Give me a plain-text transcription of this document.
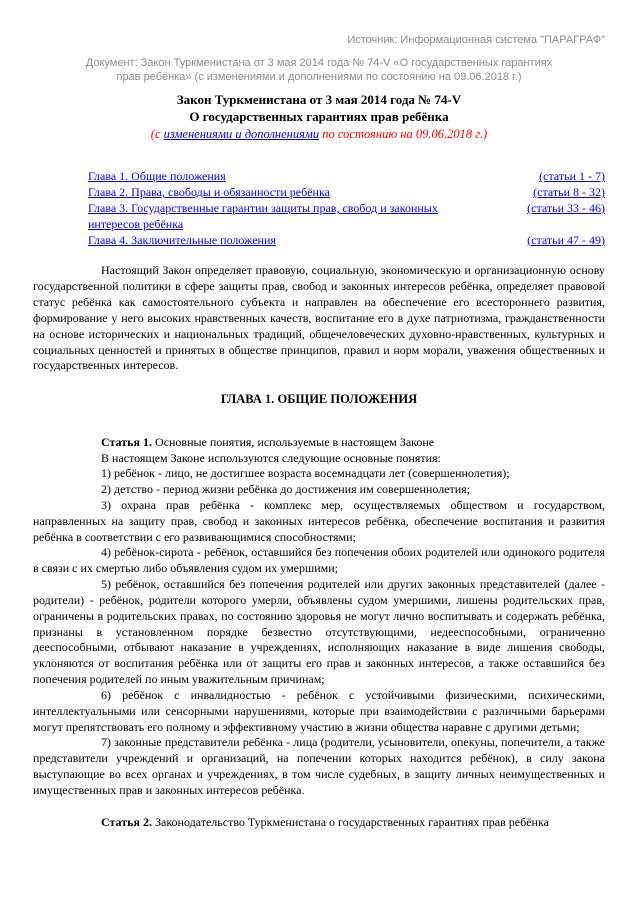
Источник: Информационная система "ПАРАГРАФ"
Документ: Закон Туркменистана от 3 мая 2014 года № 74-V «О государственных гарантиях прав ребёнка» (с изменениями и дополнениями по состоянию на 09.06.2018 г.)

Закон Туркменистана от 3 мая 2014 года № 74-V

О государственных гарантиях прав ребёнка

(с изменениями и дополнениями по состоянию на 09.06.2018 г.)

Глава 1. Общие положения	(статьи 1 - 7)
Глава 2. Права, свободы и обязанности ребёнка	(статьи 8 - 32)
Глава 3. Государственные гарантии защиты прав, свобод и законных интересов ребёнка
(статьи 33 - 46)
Глава 4. Заключительные положения	(статьи 47 - 49)

Настоящий Закон определяет правовую, социальную, экономическую и организационную основу государственной политики в сфере защиты прав, свобод и законных интересов ребёнка, определяет правовой статус ребёнка как самостоятельного субъекта и направлен на обеспечение его всестороннего развития, формирование у него высоких нравственных качеств, воспитание его в духе патриотизма, гражданственности на основе исторических и национальных традиций, общечеловеческих духовно-нравственных, культурных и социальных ценностей и принятых в обществе принципов, правил и норм морали, уважения общественных и государственных интересов.

ГЛАВА 1. ОБЩИЕ ПОЛОЖЕНИЯ

Статья 1. Основные понятия, используемые в настоящем Законе

В настоящем Законе используются следующие основные понятия:

1) ребёнок - лицо, не достигшее возраста восемнадцати лет (совершеннолетия);

2) детство - период жизни ребёнка до достижения им совершеннолетия;

3) охрана прав ребёнка - комплекс мер, осуществляемых обществом и государством, направленных на защиту прав, свобод и законных интересов ребёнка, обеспечение воспитания и развития ребёнка в соответствии с его развивающимися способностями;

4) ребёнок-сирота - ребёнок, оставшийся без попечения обоих родителей или одинокого родителя в связи с их смертью либо объявления судом их умершими;

5) ребёнок, оставшийся без попечения родителей или других законных представителей (далее - родители) - ребёнок, родители которого умерли, объявлены судом умершими, лишены родительских прав, ограничены в родительских правах, по состоянию здоровья не могут лично воспитывать и содержать ребёнка, признаны в установленном порядке безвестно отсутствующими, недееспособными, ограниченно дееспособными, отбывают наказание в учреждениях, исполняющих наказание в виде лишения свободы, уклоняются от воспитания ребёнка или от защиты его прав и законных интересов, а также оставшийся без попечения родителей по иным уважительным причинам;

6) ребёнок с инвалидностью - ребёнок с устойчивыми физическими, психическими, интеллектуальными или сенсорными нарушениями, которые при взаимодействии с различными барьерами могут препятствовать его полному и эффективному участию в жизни общества наравне с другими детьми;

7) законные представители ребёнка - лица (родители, усыновители, опекуны, попечители, а также представители учреждений и организаций, на попечении которых находится ребёнок), в силу закона выступающие во всех органах и учреждениях, в том числе судебных, в защиту личных неимущественных и имущественных прав и законных интересов ребёнка.

Статья 2. Законодательство Туркменистана о государственных гарантиях прав ребёнка
